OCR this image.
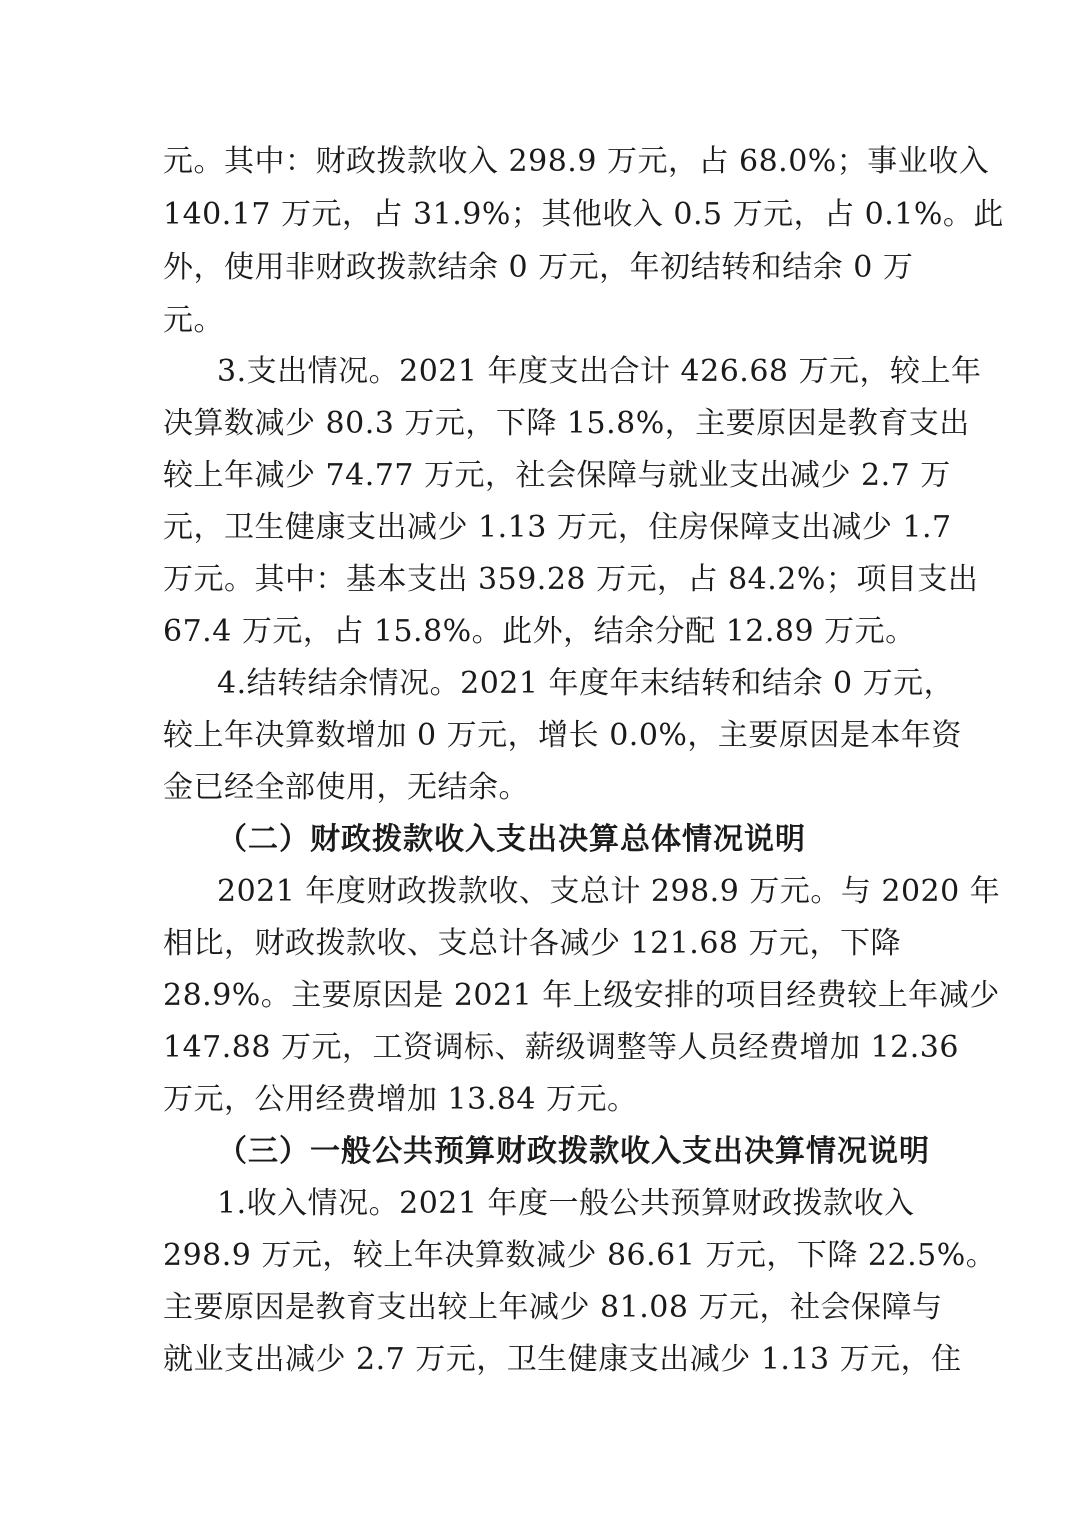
元。其中：财政拨款收入 298.9 万元，占 68.0%；事业收入
140.17 万元，占 31.9%；其他收入 0.5 万元，占 0.1%。此
外，使用非财政拨款结余 0 万元，年初结转和结余 0 万
元。
3.支出情况。2021 年度支出合计 426.68 万元，较上年
决算数减少 80.3 万元，下降 15.8%，主要原因是教育支出
较上年减少 74.77 万元，社会保障与就业支出减少 2.7 万
元，卫生健康支出减少 1.13 万元，住房保障支出减少 1.7
万元。其中：基本支出 359.28 万元，占 84.2%；项目支出
67.4 万元，占 15.8%。此外，结余分配 12.89 万元。
4.结转结余情况。2021 年度年末结转和结余 0 万元，
较上年决算数增加 0 万元，增长 0.0%，主要原因是本年资
金已经全部使用，无结余。
（二）财政拨款收入支出决算总体情况说明
2021 年度财政拨款收、支总计 298.9 万元。与 2020 年
相比，财政拨款收、支总计各减少 121.68 万元，下降
28.9%。主要原因是 2021 年上级安排的项目经费较上年减少
147.88 万元，工资调标、薪级调整等人员经费增加 12.36
万元，公用经费增加 13.84 万元。
（三）一般公共预算财政拨款收入支出决算情况说明
1.收入情况。2021 年度一般公共预算财政拨款收入
298.9 万元，较上年决算数减少 86.61 万元，下降 22.5%。
主要原因是教育支出较上年减少 81.08 万元，社会保障与
就业支出减少 2.7 万元，卫生健康支出减少 1.13 万元，住
